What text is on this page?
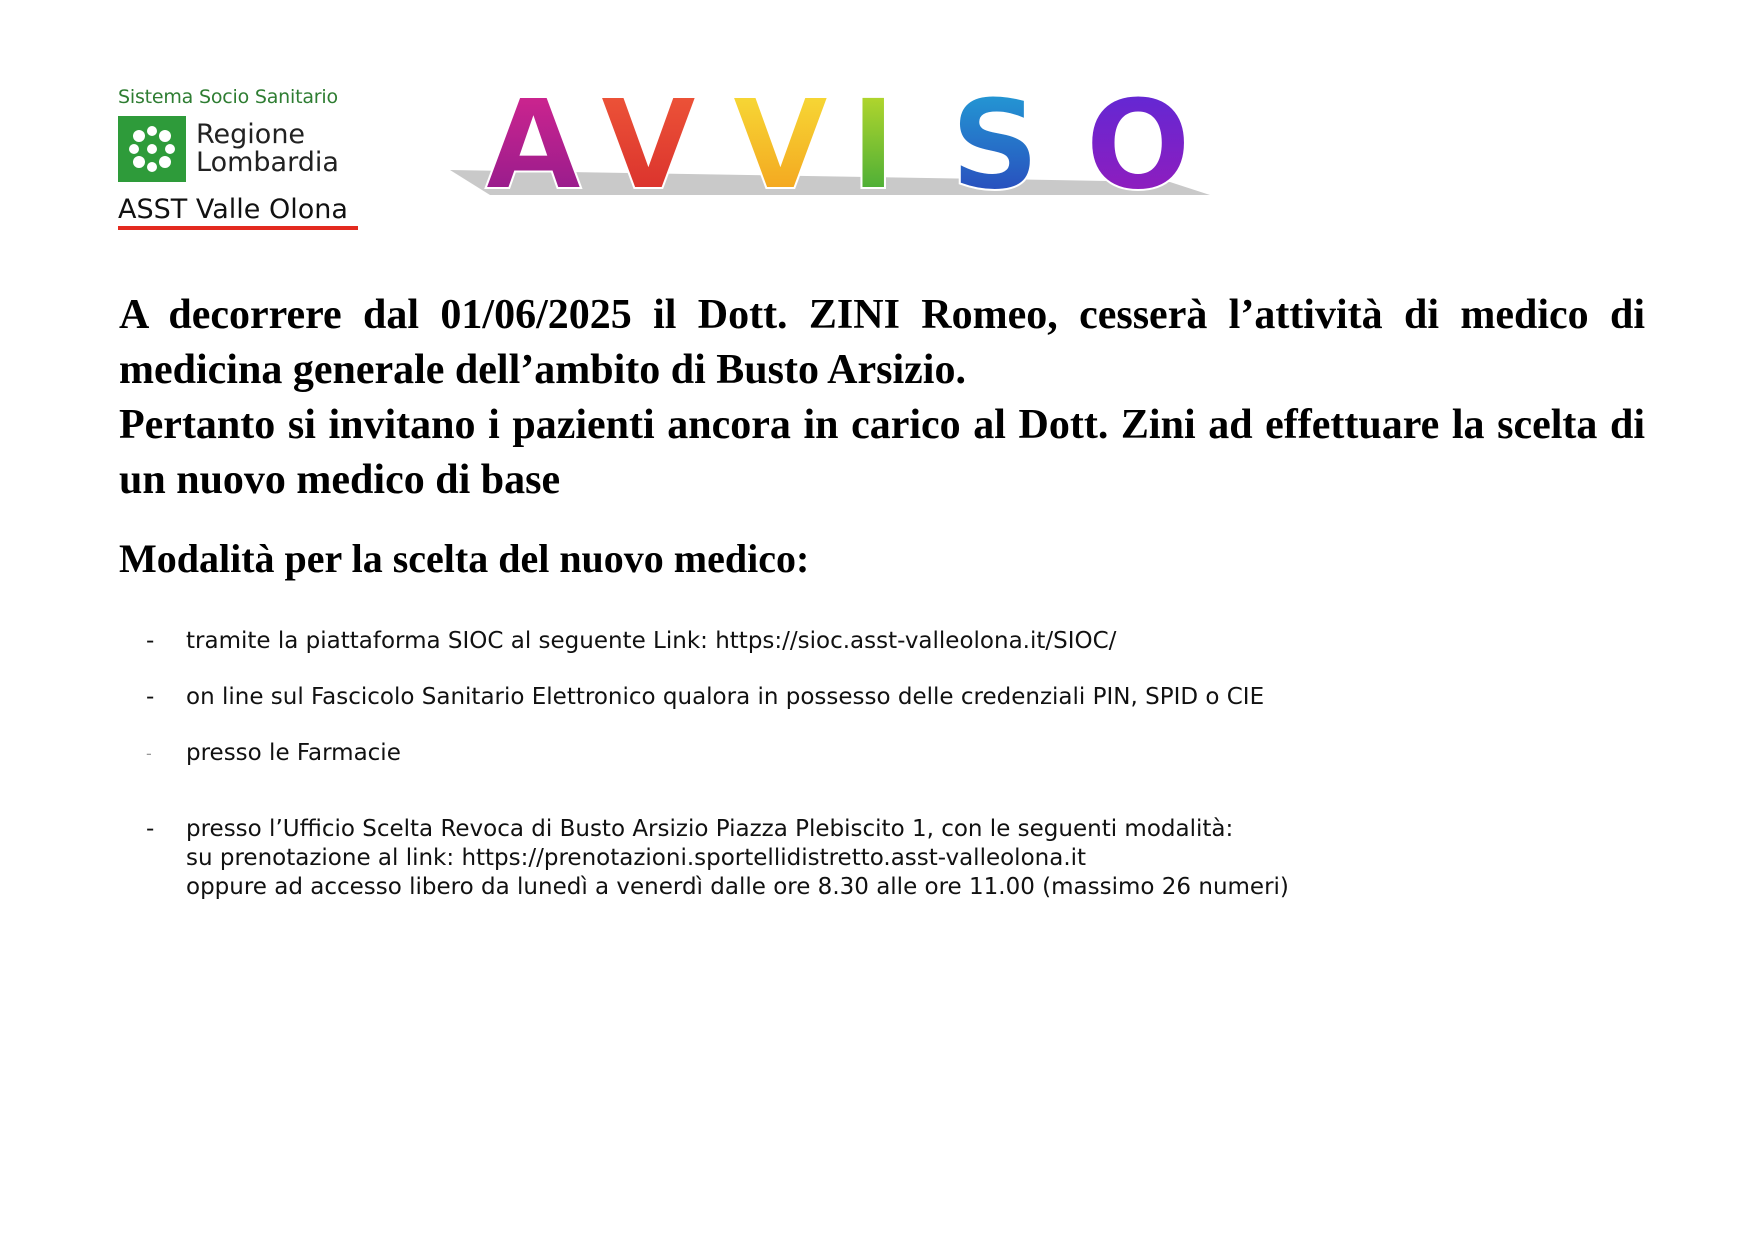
Sistema Socio Sanitario
Regione
Lombardia
ASST Valle Olona A V V I S O

A decorrere dal 01/06/2025 il Dott. ZINI Romeo, cesserà l’attività di medico di medicina generale dell’ambito di Busto Arsizio.

Pertanto si invitano i pazienti ancora in carico al Dott. Zini ad effettuare la scelta di un nuovo medico di base

Modalità per la scelta del nuovo medico:
- tramite la piattaforma SIOC al seguente Link: https://sioc.asst-valleolona.it/SIOC/
- on line sul Fascicolo Sanitario Elettronico qualora in possesso delle credenziali PIN, SPID o CIE
- presso le Farmacie
- presso l’Ufficio Scelta Revoca di Busto Arsizio Piazza Plebiscito 1, con le seguenti modalità:
su prenotazione al link: https://prenotazioni.sportellidistretto.asst-valleolona.it
oppure ad accesso libero da lunedì a venerdì dalle ore 8.30 alle ore 11.00 (massimo 26 numeri)
